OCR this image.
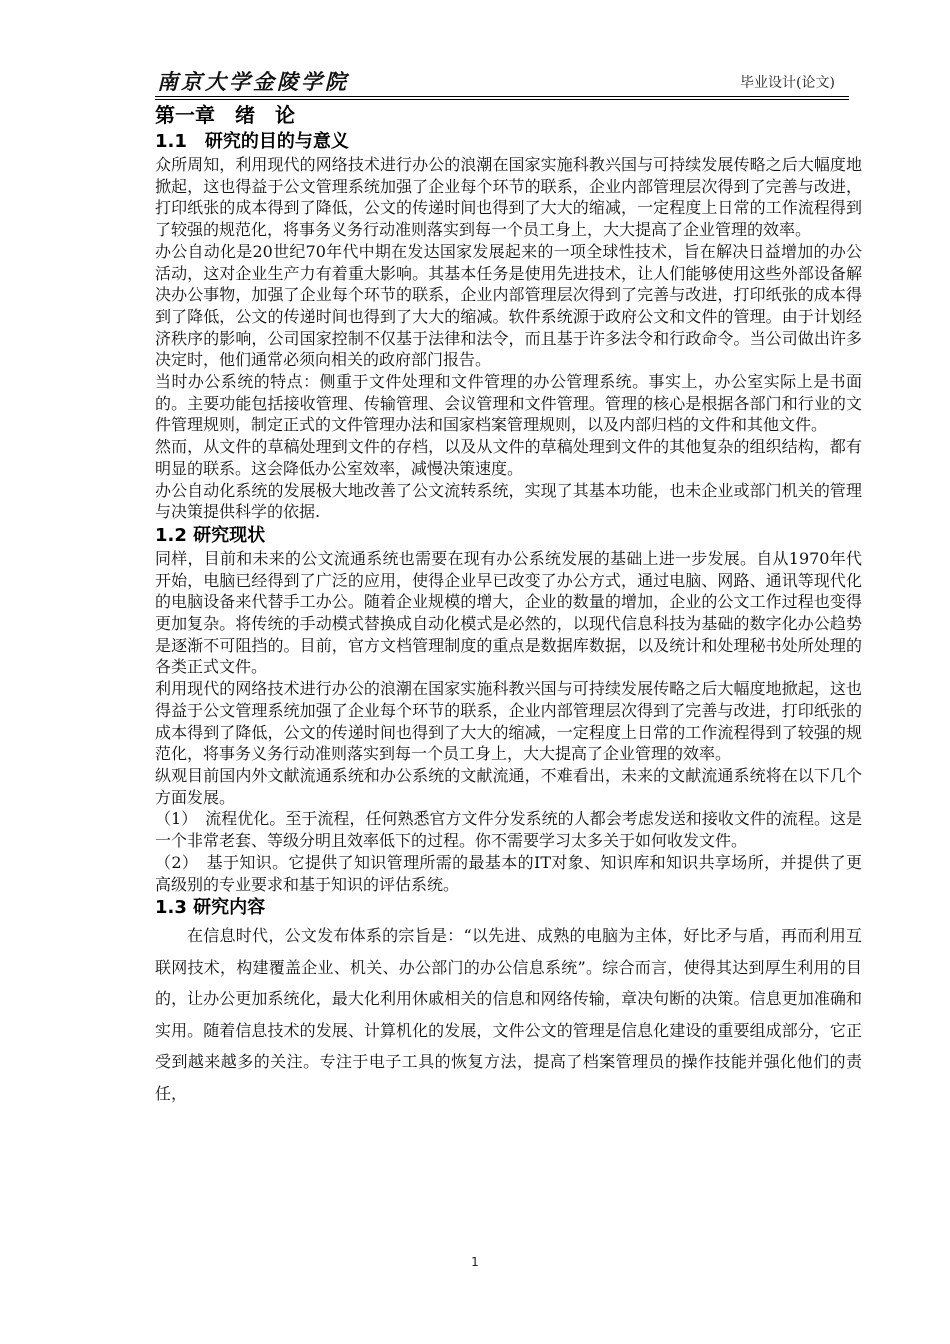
南京大学金陵学院	毕业设计(论文)
第一章　绪　论
1.1　研究的目的与意义

众所周知，利用现代的网络技术进行办公的浪潮在国家实施科教兴国与可持续发展传略之后大幅度地掀起，这也得益于公文管理系统加强了企业每个环节的联系，企业内部管理层次得到了完善与改进，打印纸张的成本得到了降低，公文的传递时间也得到了大大的缩减，一定程度上日常的工作流程得到了较强的规范化，将事务义务行动准则落实到每一个员工身上，大大提高了企业管理的效率。

办公自动化是20世纪70年代中期在发达国家发展起来的一项全球性技术，旨在解决日益增加的办公活动，这对企业生产力有着重大影响。其基本任务是使用先进技术，让人们能够使用这些外部设备解决办公事物，加强了企业每个环节的联系，企业内部管理层次得到了完善与改进，打印纸张的成本得到了降低，公文的传递时间也得到了大大的缩减。软件系统源于政府公文和文件的管理。由于计划经济秩序的影响，公司国家控制不仅基于法律和法令，而且基于许多法令和行政命令。当公司做出许多决定时，他们通常必须向相关的政府部门报告。

当时办公系统的特点：侧重于文件处理和文件管理的办公管理系统。事实上，办公室实际上是书面的。主要功能包括接收管理、传输管理、会议管理和文件管理。管理的核心是根据各部门和行业的文件管理规则，制定正式的文件管理办法和国家档案管理规则，以及内部归档的文件和其他文件。

然而，从文件的草稿处理到文件的存档，以及从文件的草稿处理到文件的其他复杂的组织结构，都有明显的联系。这会降低办公室效率，减慢决策速度。

办公自动化系统的发展极大地改善了公文流转系统，实现了其基本功能，也未企业或部门机关的管理与决策提供科学的依据.

1.2 研究现状

同样，目前和未来的公文流通系统也需要在现有办公系统发展的基础上进一步发展。自从1970年代开始，电脑已经得到了广泛的应用，使得企业早已改变了办公方式，通过电脑、网路、通讯等现代化的电脑设备来代替手工办公。随着企业规模的增大，企业的数量的增加，企业的公文工作过程也变得更加复杂。将传统的手动模式替换成自动化模式是必然的，以现代信息科技为基础的数字化办公趋势是逐渐不可阻挡的。目前，官方文档管理制度的重点是数据库数据，以及统计和处理秘书处所处理的各类正式文件。

利用现代的网络技术进行办公的浪潮在国家实施科教兴国与可持续发展传略之后大幅度地掀起，这也得益于公文管理系统加强了企业每个环节的联系，企业内部管理层次得到了完善与改进，打印纸张的成本得到了降低，公文的传递时间也得到了大大的缩减，一定程度上日常的工作流程得到了较强的规范化，将事务义务行动准则落实到每一个员工身上，大大提高了企业管理的效率。

纵观目前国内外文献流通系统和办公系统的文献流通，不难看出，未来的文献流通系统将在以下几个方面发展。

（1）　流程优化。至于流程，任何熟悉官方文件分发系统的人都会考虑发送和接收文件的流程。这是一个非常老套、等级分明且效率低下的过程。你不需要学习太多关于如何收发文件。

（2）　基于知识。它提供了知识管理所需的最基本的IT对象、知识库和知识共享场所，并提供了更高级别的专业要求和基于知识的评估系统。

1.3 研究内容

在信息时代，公文发布体系的宗旨是：“以先进、成熟的电脑为主体，好比矛与盾，再而利用互联网技术，构建覆盖企业、机关、办公部门的办公信息系统”。综合而言，使得其达到厚生利用的目的，让办公更加系统化，最大化利用休戚相关的信息和网络传输，章决句断的决策。信息更加准确和实用。随着信息技术的发展、计算机化的发展，文件公文的管理是信息化建设的重要组成部分，它正受到越来越多的关注。专注于电子工具的恢复方法，提高了档案管理员的操作技能并强化他们的责任，

1
